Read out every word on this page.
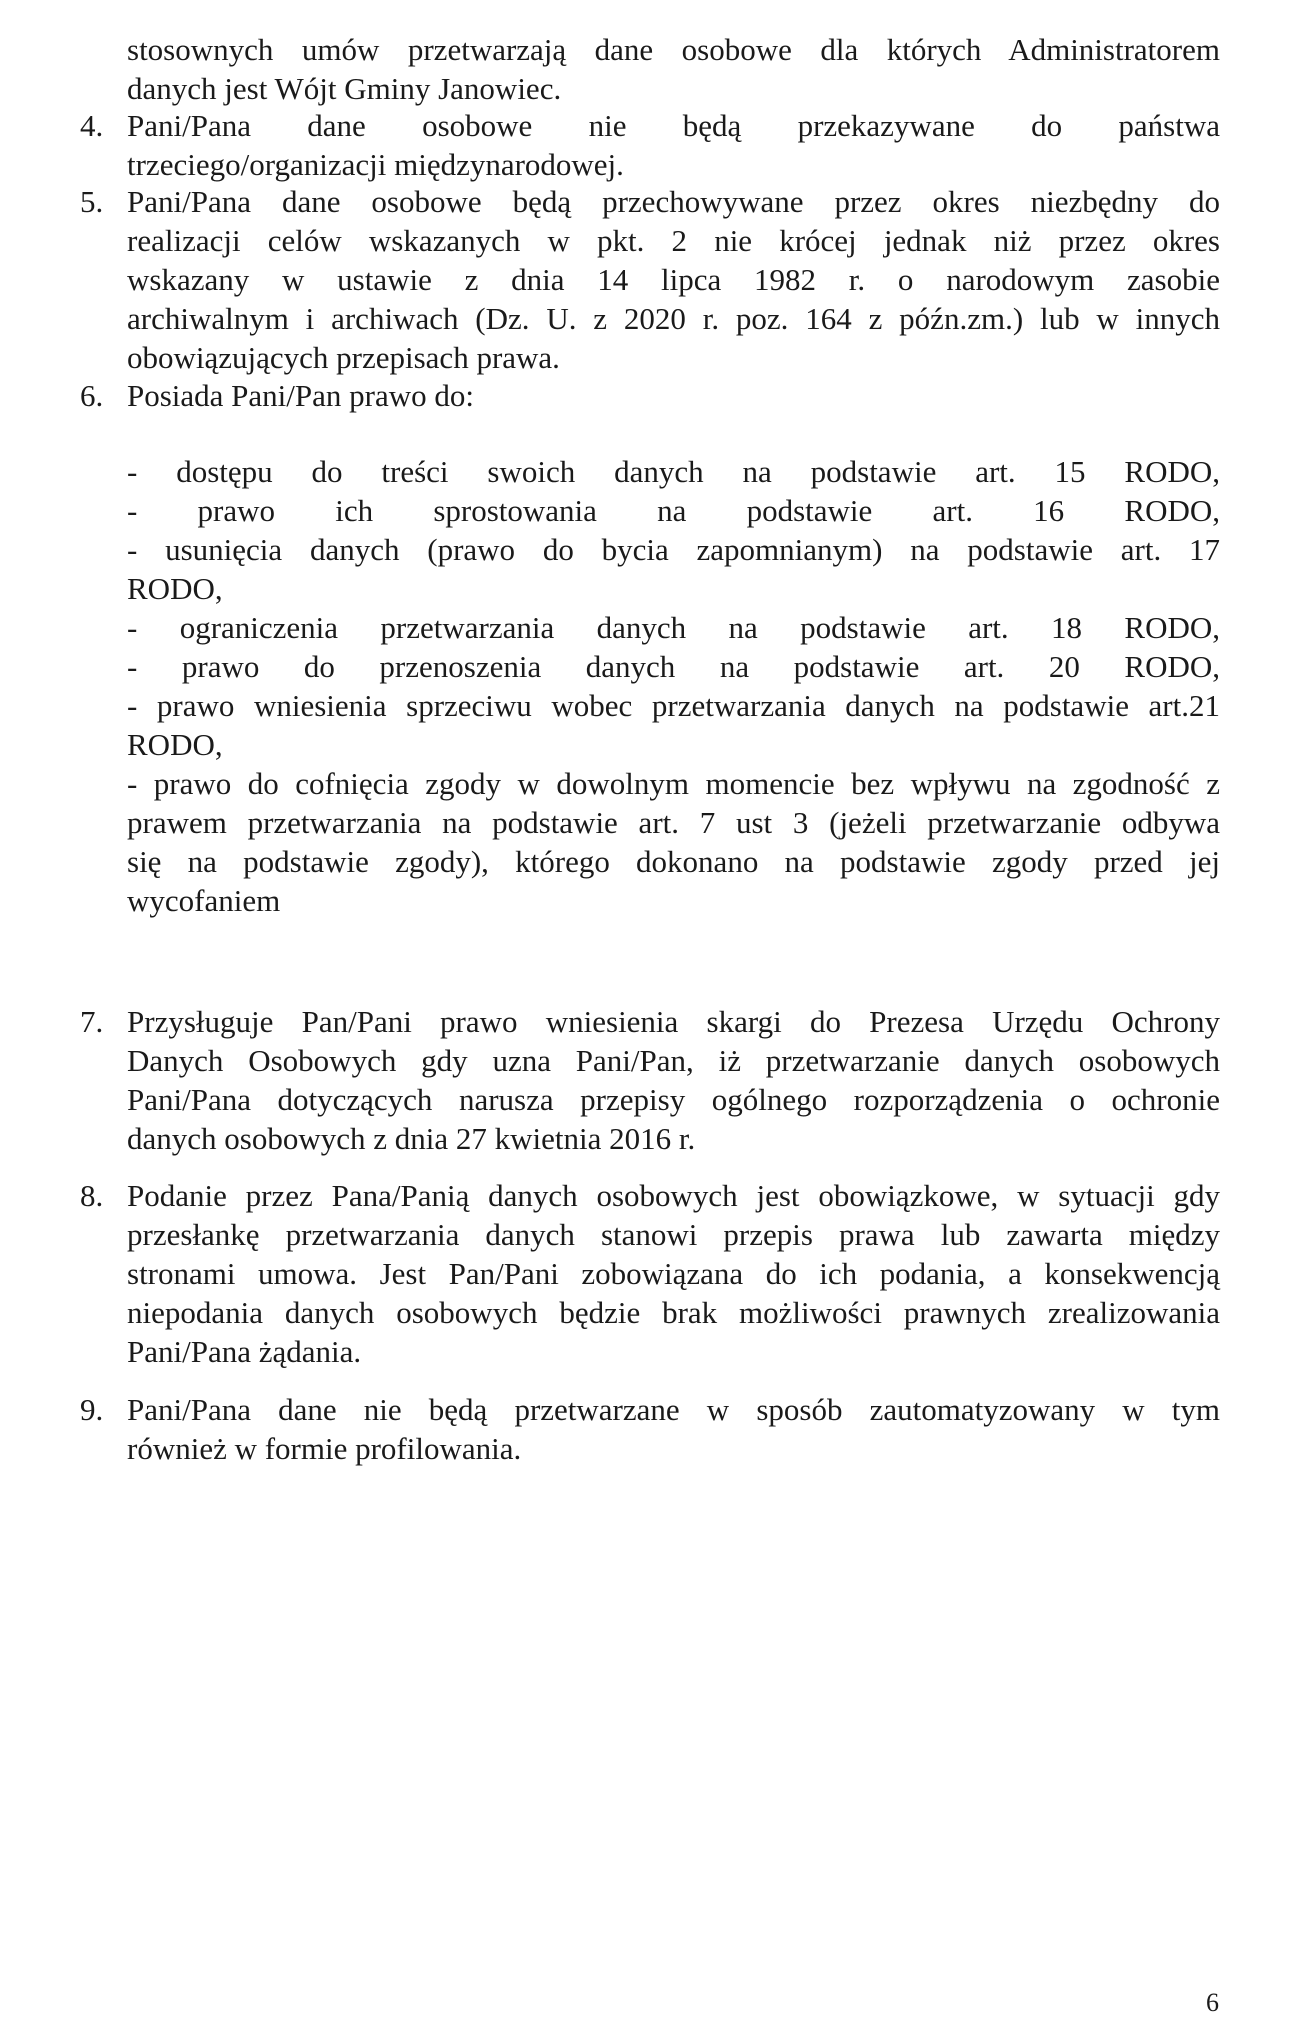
stosownych umów przetwarzają dane osobowe dla których Administratorem
danych jest Wójt Gminy Janowiec.
4. Pani/Pana dane osobowe nie będą przekazywane do państwa
trzeciego/organizacji międzynarodowej.
5. Pani/Pana dane osobowe będą przechowywane przez okres niezbędny do
realizacji celów wskazanych w pkt. 2 nie krócej jednak niż przez okres
wskazany w ustawie z dnia 14 lipca 1982 r. o narodowym zasobie
archiwalnym i archiwach (Dz. U. z 2020 r. poz. 164 z późn.zm.) lub w innych
obowiązujących przepisach prawa.
6. Posiada Pani/Pan prawo do:
- dostępu do treści swoich danych na podstawie art. 15 RODO,
- prawo ich sprostowania na podstawie art. 16 RODO,
- usunięcia danych (prawo do bycia zapomnianym) na podstawie art. 17
RODO,
- ograniczenia przetwarzania danych na podstawie art. 18 RODO,
- prawo do przenoszenia danych na podstawie art. 20 RODO,
- prawo wniesienia sprzeciwu wobec przetwarzania danych na podstawie art.21
RODO,
- prawo do cofnięcia zgody w dowolnym momencie bez wpływu na zgodność z
prawem przetwarzania na podstawie art. 7 ust 3 (jeżeli przetwarzanie odbywa
się na podstawie zgody), którego dokonano na podstawie zgody przed jej
wycofaniem
7. Przysługuje Pan/Pani prawo wniesienia skargi do Prezesa Urzędu Ochrony
Danych Osobowych gdy uzna Pani/Pan, iż przetwarzanie danych osobowych
Pani/Pana dotyczących narusza przepisy ogólnego rozporządzenia o ochronie
danych osobowych z dnia 27 kwietnia 2016 r.
8. Podanie przez Pana/Panią danych osobowych jest obowiązkowe, w sytuacji gdy
przesłankę przetwarzania danych stanowi przepis prawa lub zawarta między
stronami umowa. Jest Pan/Pani zobowiązana do ich podania, a konsekwencją
niepodania danych osobowych będzie brak możliwości prawnych zrealizowania
Pani/Pana żądania.
9. Pani/Pana dane nie będą przetwarzane w sposób zautomatyzowany w tym
również w formie profilowania.
6
